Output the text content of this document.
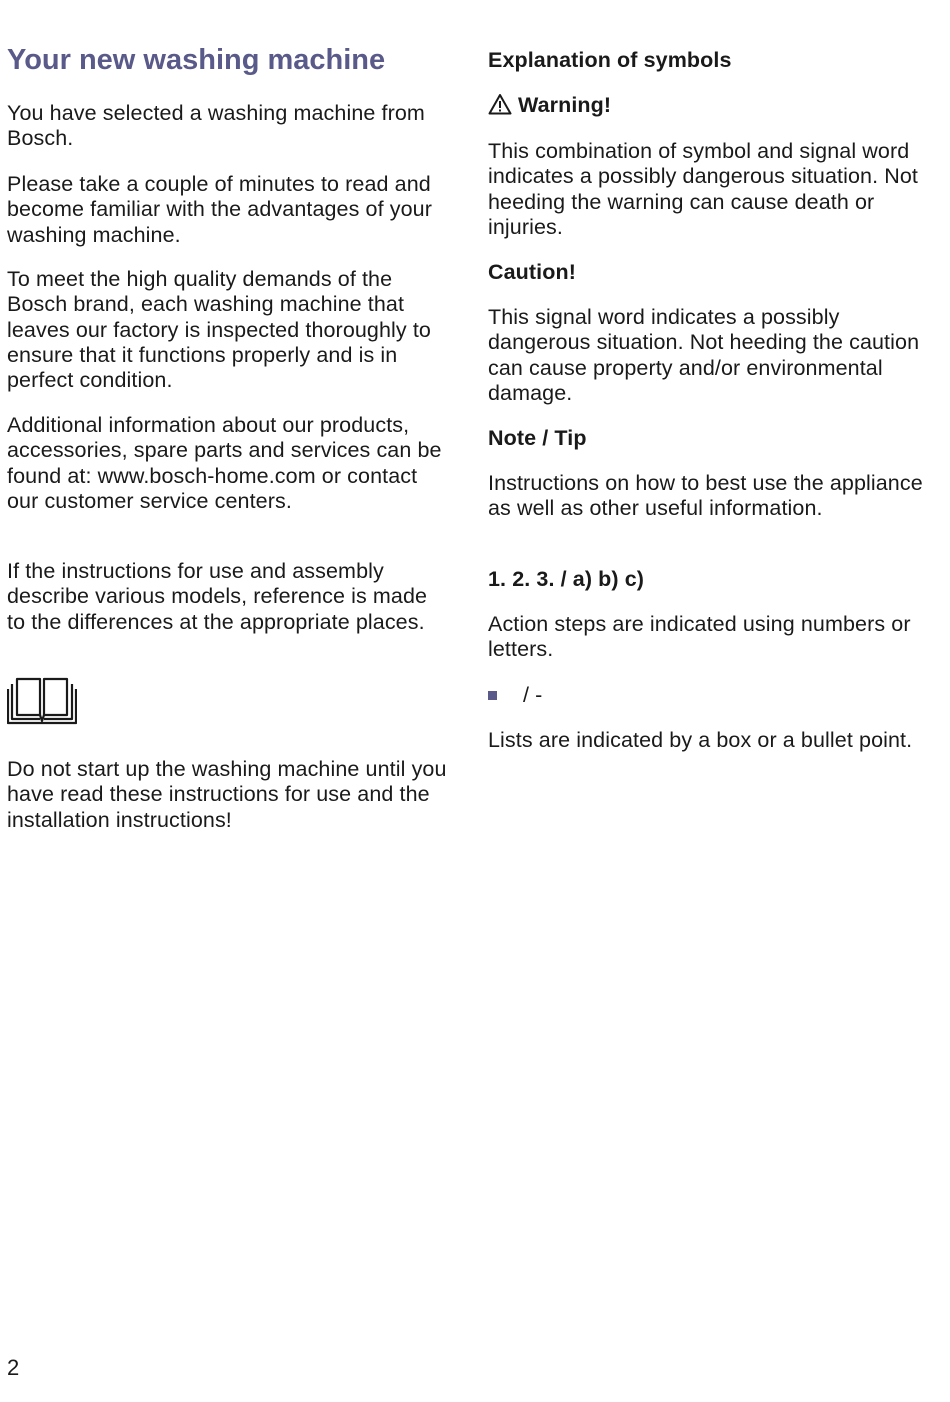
Your new washing machine

You have selected a washing machine from Bosch.

Please take a couple of minutes to read and become familiar with the advantages of your washing machine.

To meet the high quality demands of the Bosch brand, each washing machine that leaves our factory is inspected thoroughly to ensure that it functions properly and is in perfect condition.

Additional information about our products, accessories, spare parts and services can be found at: www.bosch-home.com or contact our customer service centers.

If the instructions for use and assembly describe various models, reference is made to the differences at the appropriate places.

Do not start up the washing machine until you have read these instructions for use and the installation instructions!

Explanation of symbols

Warning!

This combination of symbol and signal word indicates a possibly dangerous situation. Not heeding the warning can cause death or injuries.

Caution!

This signal word indicates a possibly dangerous situation. Not heeding the caution can cause property and/or environmental damage.

Note / Tip

Instructions on how to best use the appliance as well as other useful information.

1. 2. 3. / a) b) c)

Action steps are indicated using numbers or letters.

/ -

Lists are indicated by a box or a bullet point.

2
